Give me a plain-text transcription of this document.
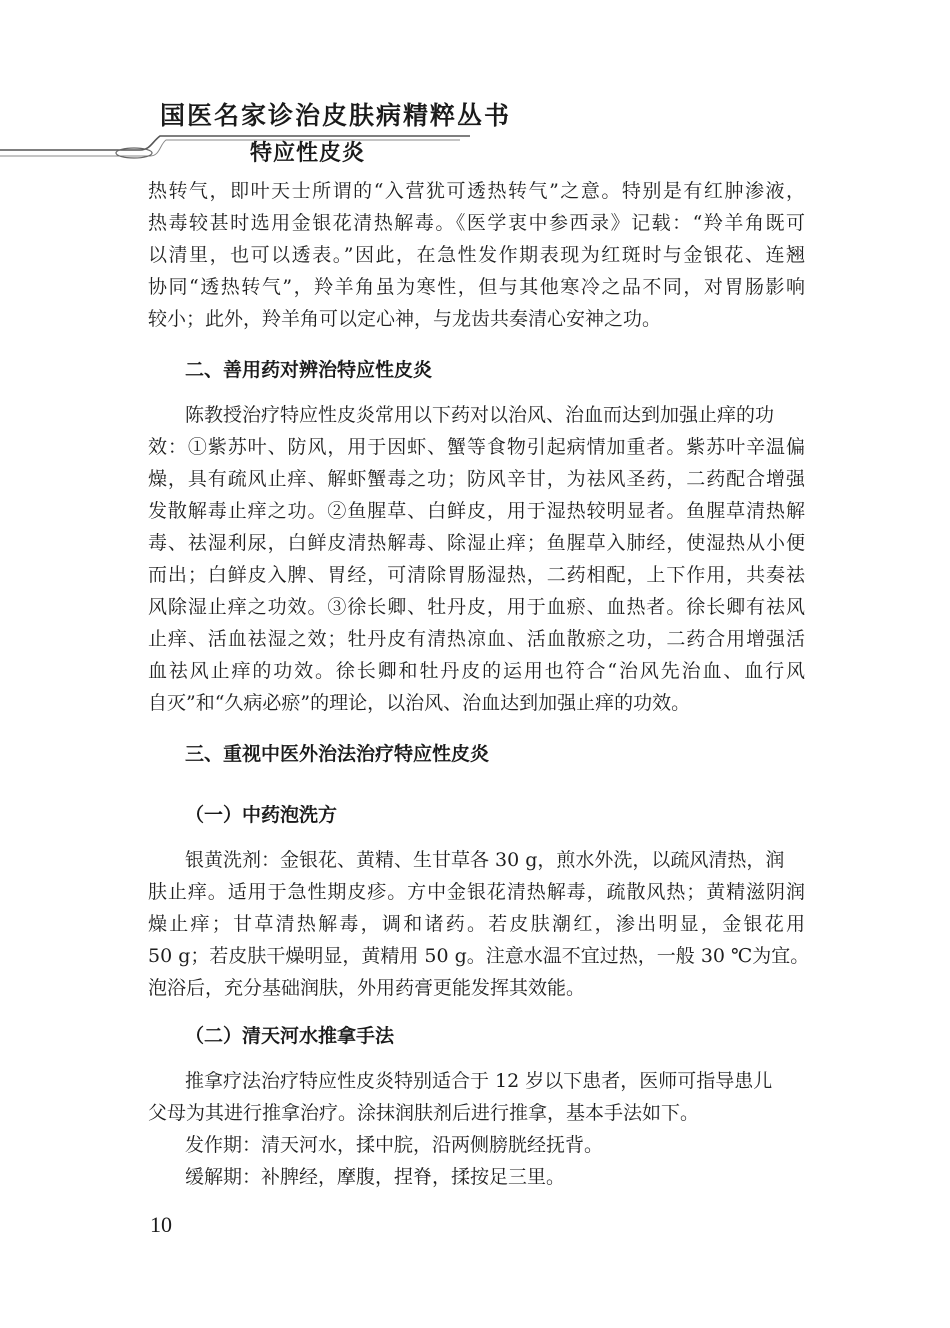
国医名家诊治皮肤病精粹丛书
特应性皮炎
热转气，即叶天士所谓的“入营犹可透热转气”之意。特别是有红肿渗液，
热毒较甚时选用金银花清热解毒。《医学衷中参西录》记载：“羚羊角既可
以清里，也可以透表。”因此，在急性发作期表现为红斑时与金银花、连翘
协同“透热转气”，羚羊角虽为寒性，但与其他寒冷之品不同，对胃肠影响
较小；此外，羚羊角可以定心神，与龙齿共奏清心安神之功。
二、善用药对辨治特应性皮炎
陈教授治疗特应性皮炎常用以下药对以治风、治血而达到加强止痒的功
效：①紫苏叶、防风，用于因虾、蟹等食物引起病情加重者。紫苏叶辛温偏
燥，具有疏风止痒、解虾蟹毒之功；防风辛甘，为祛风圣药，二药配合增强
发散解毒止痒之功。②鱼腥草、白鲜皮，用于湿热较明显者。鱼腥草清热解
毒、祛湿利尿，白鲜皮清热解毒、除湿止痒；鱼腥草入肺经，使湿热从小便
而出；白鲜皮入脾、胃经，可清除胃肠湿热，二药相配，上下作用，共奏祛
风除湿止痒之功效。③徐长卿、牡丹皮，用于血瘀、血热者。徐长卿有祛风
止痒、活血祛湿之效；牡丹皮有清热凉血、活血散瘀之功，二药合用增强活
血祛风止痒的功效。徐长卿和牡丹皮的运用也符合“治风先治血、血行风
自灭”和“久病必瘀”的理论，以治风、治血达到加强止痒的功效。
三、重视中医外治法治疗特应性皮炎
（一）中药泡洗方
银黄洗剂：金银花、黄精、生甘草各 30 g，煎水外洗，以疏风清热，润
肤止痒。适用于急性期皮疹。方中金银花清热解毒，疏散风热；黄精滋阴润
燥止痒；甘草清热解毒，调和诸药。若皮肤潮红，渗出明显，金银花用
50 g；若皮肤干燥明显，黄精用 50 g。注意水温不宜过热，一般 30 ℃为宜。
泡浴后，充分基础润肤，外用药膏更能发挥其效能。
（二）清天河水推拿手法
推拿疗法治疗特应性皮炎特别适合于 12 岁以下患者，医师可指导患儿
父母为其进行推拿治疗。涂抹润肤剂后进行推拿，基本手法如下。
发作期：清天河水，揉中脘，沿两侧膀胱经抚背。
缓解期：补脾经，摩腹，捏脊，揉按足三里。
10
